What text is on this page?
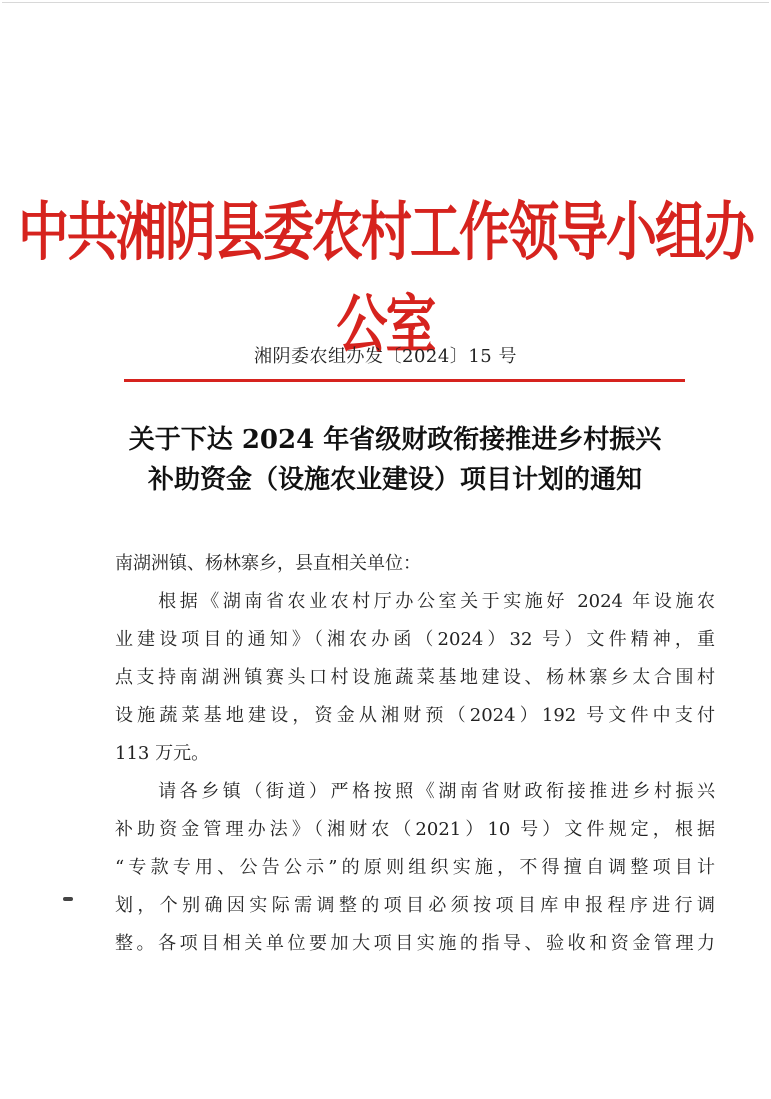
中共湘阴县委农村工作领导小组办公室
湘阴委农组办发〔2024〕15 号
关于下达 2024 年省级财政衔接推进乡村振兴
补助资金（设施农业建设）项目计划的通知
南湖洲镇、杨林寨乡，县直相关单位：
　　根据《湖南省农业农村厅办公室关于实施好 2024 年设施农
业建设项目的通知》（湘农办函（2024）32 号）文件精神，重
点支持南湖洲镇赛头口村设施蔬菜基地建设、杨林寨乡太合围村
设施蔬菜基地建设，资金从湘财预（2024）192 号文件中支付
113 万元。
　　请各乡镇（街道）严格按照《湖南省财政衔接推进乡村振兴
补助资金管理办法》（湘财农（2021）10 号）文件规定，根据
“专款专用、公告公示”的原则组织实施，不得擅自调整项目计
划，个别确因实际需调整的项目必须按项目库申报程序进行调
整。各项目相关单位要加大项目实施的指导、验收和资金管理力
